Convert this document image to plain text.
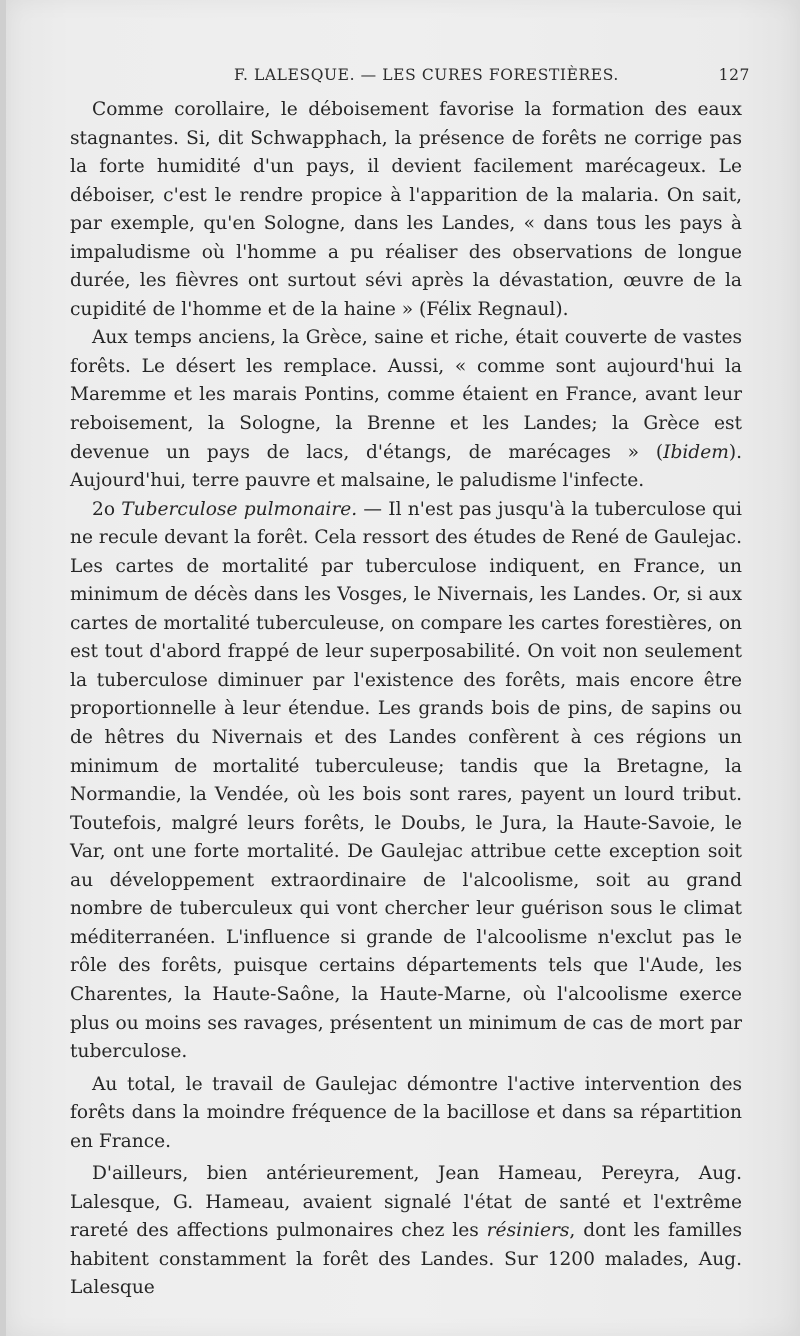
F. LALESQUE. — LES CURES FORESTIÈRES.	127

Comme corollaire, le déboisement favorise la formation des eaux stagnantes. Si, dit Schwapphach, la présence de forêts ne corrige pas la forte humidité d'un pays, il devient facilement marécageux. Le déboiser, c'est le rendre propice à l'apparition de la malaria. On sait, par exemple, qu'en Sologne, dans les Landes, « dans tous les pays à impaludisme où l'homme a pu réaliser des observations de longue durée, les fièvres ont surtout sévi après la dévastation, œuvre de la cupidité de l'homme et de la haine » (Félix Regnaul).

Aux temps anciens, la Grèce, saine et riche, était couverte de vastes forêts. Le désert les remplace. Aussi, « comme sont aujourd'hui la Maremme et les marais Pontins, comme étaient en France, avant leur reboisement, la Sologne, la Brenne et les Landes; la Grèce est devenue un pays de lacs, d'étangs, de marécages » (Ibidem). Aujourd'hui, terre pauvre et malsaine, le paludisme l'infecte.

2o Tuberculose pulmonaire. — Il n'est pas jusqu'à la tuberculose qui ne recule devant la forêt. Cela ressort des études de René de Gaulejac. Les cartes de mortalité par tuberculose indiquent, en France, un minimum de décès dans les Vosges, le Nivernais, les Landes. Or, si aux cartes de mortalité tuberculeuse, on compare les cartes forestières, on est tout d'abord frappé de leur superposabilité. On voit non seulement la tuberculose diminuer par l'existence des forêts, mais encore être proportionnelle à leur étendue. Les grands bois de pins, de sapins ou de hêtres du Nivernais et des Landes confèrent à ces régions un minimum de mortalité tuberculeuse; tandis que la Bretagne, la Normandie, la Vendée, où les bois sont rares, payent un lourd tribut. Toutefois, malgré leurs forêts, le Doubs, le Jura, la Haute-Savoie, le Var, ont une forte mortalité. De Gaulejac attribue cette exception soit au développement extraordinaire de l'alcoolisme, soit au grand nombre de tuberculeux qui vont chercher leur guérison sous le climat méditerranéen. L'influence si grande de l'alcoolisme n'exclut pas le rôle des forêts, puisque certains départements tels que l'Aude, les Charentes, la Haute-Saône, la Haute-Marne, où l'alcoolisme exerce plus ou moins ses ravages, présentent un minimum de cas de mort par tuberculose.

Au total, le travail de Gaulejac démontre l'active intervention des forêts dans la moindre fréquence de la bacillose et dans sa répartition en France.

D'ailleurs, bien antérieurement, Jean Hameau, Pereyra, Aug. Lalesque, G. Hameau, avaient signalé l'état de santé et l'extrême rareté des affections pulmonaires chez les résiniers, dont les familles habitent constamment la forêt des Landes. Sur 1200 malades, Aug. Lalesque
